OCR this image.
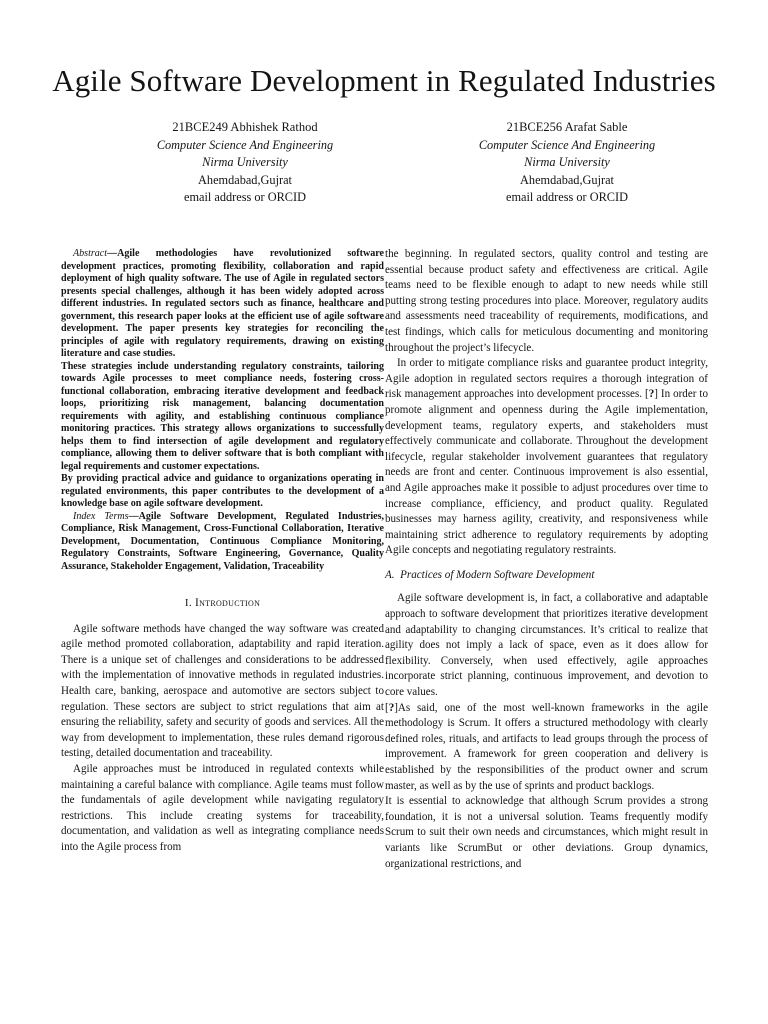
Agile Software Development in Regulated Industries
21BCE249 Abhishek Rathod
Computer Science And Engineering
Nirma University
Ahemdabad,Gujrat
email address or ORCID
21BCE256 Arafat Sable
Computer Science And Engineering
Nirma University
Ahemdabad,Gujrat
email address or ORCID

Abstract—Agile methodologies have revolutionized software development practices, promoting flexibility, collaboration and rapid deployment of high quality software. The use of Agile in regulated sectors presents special challenges, although it has been widely adopted across different industries. In regulated sectors such as finance, healthcare and government, this research paper looks at the efficient use of agile software development. The paper presents key strategies for reconciling the principles of agile with regulatory requirements, drawing on existing literature and case studies.

These strategies include understanding regulatory constraints, tailoring towards Agile processes to meet compliance needs, fostering cross-functional collaboration, embracing iterative development and feedback loops, prioritizing risk management, balancing documentation requirements with agility, and establishing continuous compliance monitoring practices. This strategy allows organizations to successfully helps them to find intersection of agile development and regulatory compliance, allowing them to deliver software that is both compliant with legal requirements and customer expectations.

By providing practical advice and guidance to organizations operating in regulated environments, this paper contributes to the development of a knowledge base on agile software development.

Index Terms—Agile Software Development, Regulated Industries, Compliance, Risk Management, Cross-Functional Collaboration, Iterative Development, Documentation, Continuous Compliance Monitoring, Regulatory Constraints, Software Engineering, Governance, Quality Assurance, Stakeholder Engagement, Validation, Traceability

I. Introduction

Agile software methods have changed the way software was created agile method promoted collaboration, adaptability and rapid iteration. There is a unique set of challenges and considerations to be addressed with the implementation of innovative methods in regulated industries. Health care, banking, aerospace and automotive are sectors subject to regulation. These sectors are subject to strict regulations that aim at ensuring the reliability, safety and security of goods and services. All the way from development to implementation, these rules demand rigorous testing, detailed documentation and traceability.

Agile approaches must be introduced in regulated contexts while maintaining a careful balance with compliance. Agile teams must follow the fundamentals of agile development while navigating regulatory restrictions. This include creating systems for traceability, documentation, and validation as well as integrating compliance needs into the Agile process from

the beginning. In regulated sectors, quality control and testing are essential because product safety and effectiveness are critical. Agile teams need to be flexible enough to adapt to new needs while still putting strong testing procedures into place. Moreover, regulatory audits and assessments need traceability of requirements, modifications, and test findings, which calls for meticulous documenting and monitoring throughout the project’s lifecycle.

In order to mitigate compliance risks and guarantee product integrity, Agile adoption in regulated sectors requires a thorough integration of risk management approaches into development processes. [?] In order to promote alignment and openness during the Agile implementation, development teams, regulatory experts, and stakeholders must effectively communicate and collaborate. Throughout the development lifecycle, regular stakeholder involvement guarantees that regulatory needs are front and center. Continuous improvement is also essential, and Agile approaches make it possible to adjust procedures over time to increase compliance, efficiency, and product quality. Regulated businesses may harness agility, creativity, and responsiveness while maintaining strict adherence to regulatory requirements by adopting Agile concepts and negotiating regulatory restraints.

A. Practices of Modern Software Development

Agile software development is, in fact, a collaborative and adaptable approach to software development that prioritizes iterative development and adaptability to changing circumstances. It’s critical to realize that agility does not imply a lack of space, even as it does allow for flexibility. Conversely, when used effectively, agile approaches incorporate strict planning, continuous improvement, and devotion to core values.

[?]As said, one of the most well-known frameworks in the agile methodology is Scrum. It offers a structured methodology with clearly defined roles, rituals, and artifacts to lead groups through the process of improvement. A framework for green cooperation and delivery is established by the responsibilities of the product owner and scrum master, as well as by the use of sprints and product backlogs.

It is essential to acknowledge that although Scrum provides a strong foundation, it is not a universal solution. Teams frequently modify Scrum to suit their own needs and circumstances, which might result in variants like ScrumBut or other deviations. Group dynamics, organizational restrictions, and
